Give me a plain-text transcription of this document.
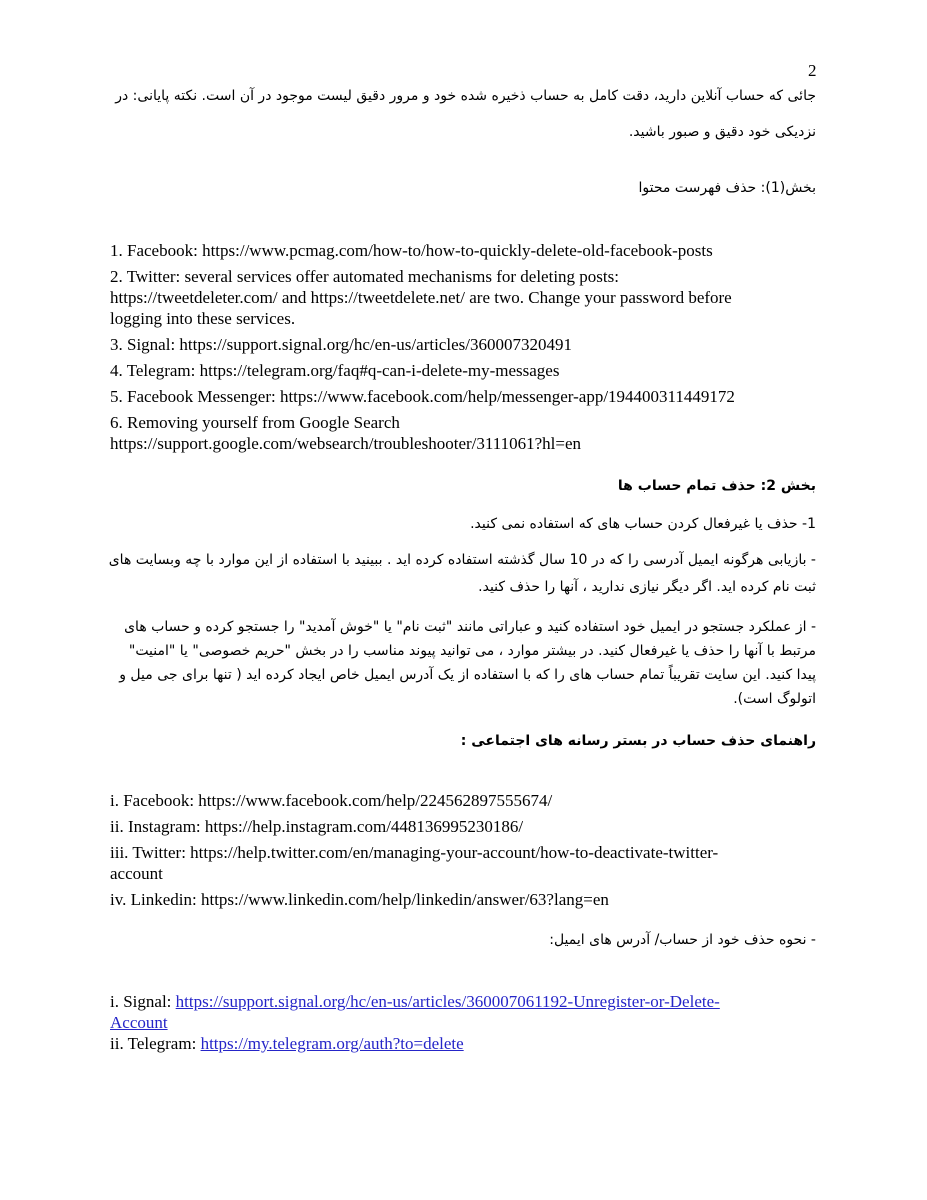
2
جائی که حساب آنلاین دارید، دقت کامل به حساب ذخیره شده خود و مرور دقیق لیست موجود در آن است. نکته پایانی: در
نزدیکی خود دقیق و صبور باشید.
بخش(1): حذف فهرست محتوا
1. Facebook: https://www.pcmag.com/how-to/how-to-quickly-delete-old-facebook-posts
2. Twitter: several services offer automated mechanisms for deleting posts:
https://tweetdeleter.com/ and https://tweetdelete.net/ are two. Change your password before
logging into these services.
3. Signal: https://support.signal.org/hc/en-us/articles/360007320491
4. Telegram: https://telegram.org/faq#q-can-i-delete-my-messages
5. Facebook Messenger: https://www.facebook.com/help/messenger-app/194400311449172
6. Removing yourself from Google Search
https://support.google.com/websearch/troubleshooter/3111061?hl=en
بخش 2: حذف تمام حساب ها
1- حذف یا غیرفعال کردن حساب های که استفاده نمی کنید.
- بازیابی هرگونه ایمیل آدرسی را که در 10 سال گذشته استفاده کرده اید . ببینید با استفاده از این موارد با چه وبسایت های
ثبت نام کرده اید. اگر دیگر نیازی ندارید ، آنها را حذف کنید.
- از عملکرد جستجو در ایمیل خود استفاده کنید و عباراتی مانند "ثبت نام" یا "خوش آمدید" را جستجو کرده و حساب های
مرتبط با آنها را حذف یا غیرفعال کنید. در بیشتر موارد ، می توانید پیوند مناسب را در بخش "حریم خصوصی" یا "امنیت"
پیدا کنید. این سایت تقریباً تمام حساب های را که با استفاده از یک آدرس ایمیل خاص ایجاد کرده اید ( تنها برای جی میل و
اتولوگ است).
راهنمای حذف حساب در بستر رسانه های اجتماعی :
i. Facebook: https://www.facebook.com/help/224562897555674/
ii. Instagram: https://help.instagram.com/448136995230186/
iii. Twitter: https://help.twitter.com/en/managing-your-account/how-to-deactivate-twitter-
account
iv. Linkedin: https://www.linkedin.com/help/linkedin/answer/63?lang=en
- نحوه حذف خود از حساب/ آدرس های ایمیل:
i. Signal: https://support.signal.org/hc/en-us/articles/360007061192-Unregister-or-Delete-
Account
ii. Telegram: https://my.telegram.org/auth?to=delete
